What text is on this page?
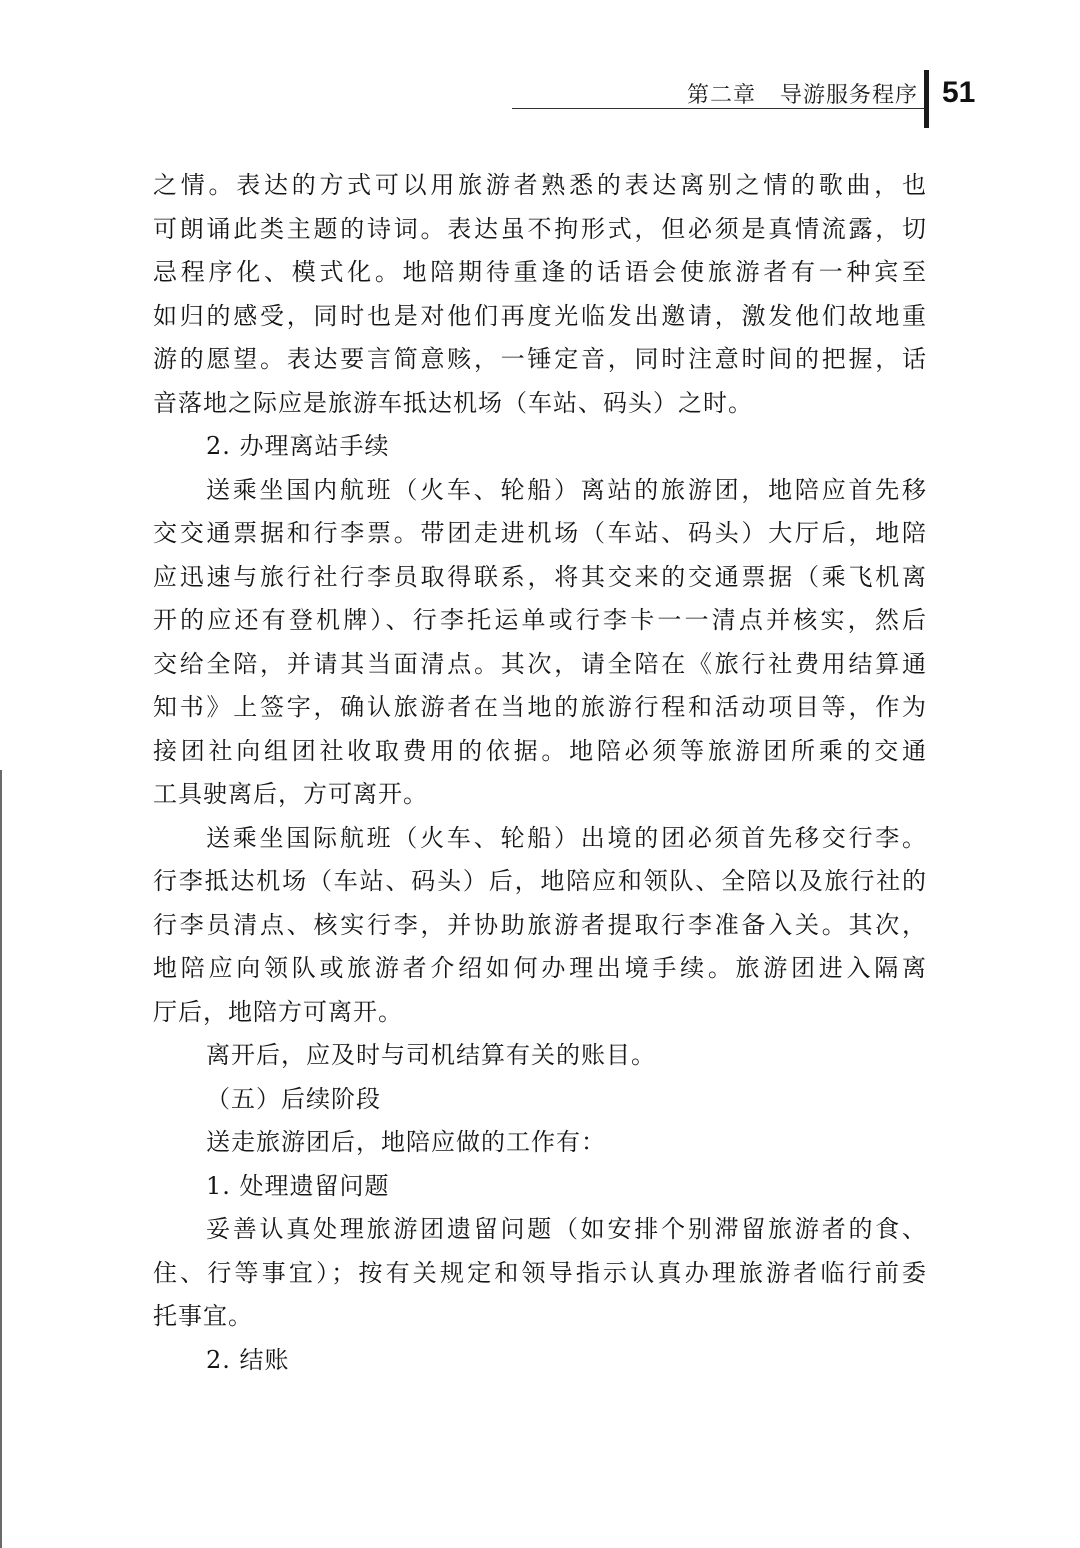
第二章   导游服务程序 51
之情。表达的方式可以用旅游者熟悉的表达离别之情的歌曲，也
可朗诵此类主题的诗词。表达虽不拘形式，但必须是真情流露，切
忌程序化、模式化。地陪期待重逢的话语会使旅游者有一种宾至
如归的感受，同时也是对他们再度光临发出邀请，激发他们故地重
游的愿望。表达要言简意赅，一锤定音，同时注意时间的把握，话
音落地之际应是旅游车抵达机场（车站、码头）之时。
2. 办理离站手续
送乘坐国内航班（火车、轮船）离站的旅游团，地陪应首先移
交交通票据和行李票。带团走进机场（车站、码头）大厅后，地陪
应迅速与旅行社行李员取得联系，将其交来的交通票据（乘飞机离
开的应还有登机牌）、行李托运单或行李卡一一清点并核实，然后
交给全陪，并请其当面清点。其次，请全陪在《旅行社费用结算通
知书》上签字，确认旅游者在当地的旅游行程和活动项目等，作为
接团社向组团社收取费用的依据。地陪必须等旅游团所乘的交通
工具驶离后，方可离开。
送乘坐国际航班（火车、轮船）出境的团必须首先移交行李。
行李抵达机场（车站、码头）后，地陪应和领队、全陪以及旅行社的
行李员清点、核实行李，并协助旅游者提取行李准备入关。其次，
地陪应向领队或旅游者介绍如何办理出境手续。旅游团进入隔离
厅后，地陪方可离开。
离开后，应及时与司机结算有关的账目。
（五）后续阶段
送走旅游团后，地陪应做的工作有：
1. 处理遗留问题
妥善认真处理旅游团遗留问题（如安排个别滞留旅游者的食、
住、行等事宜）；按有关规定和领导指示认真办理旅游者临行前委
托事宜。
2. 结账
